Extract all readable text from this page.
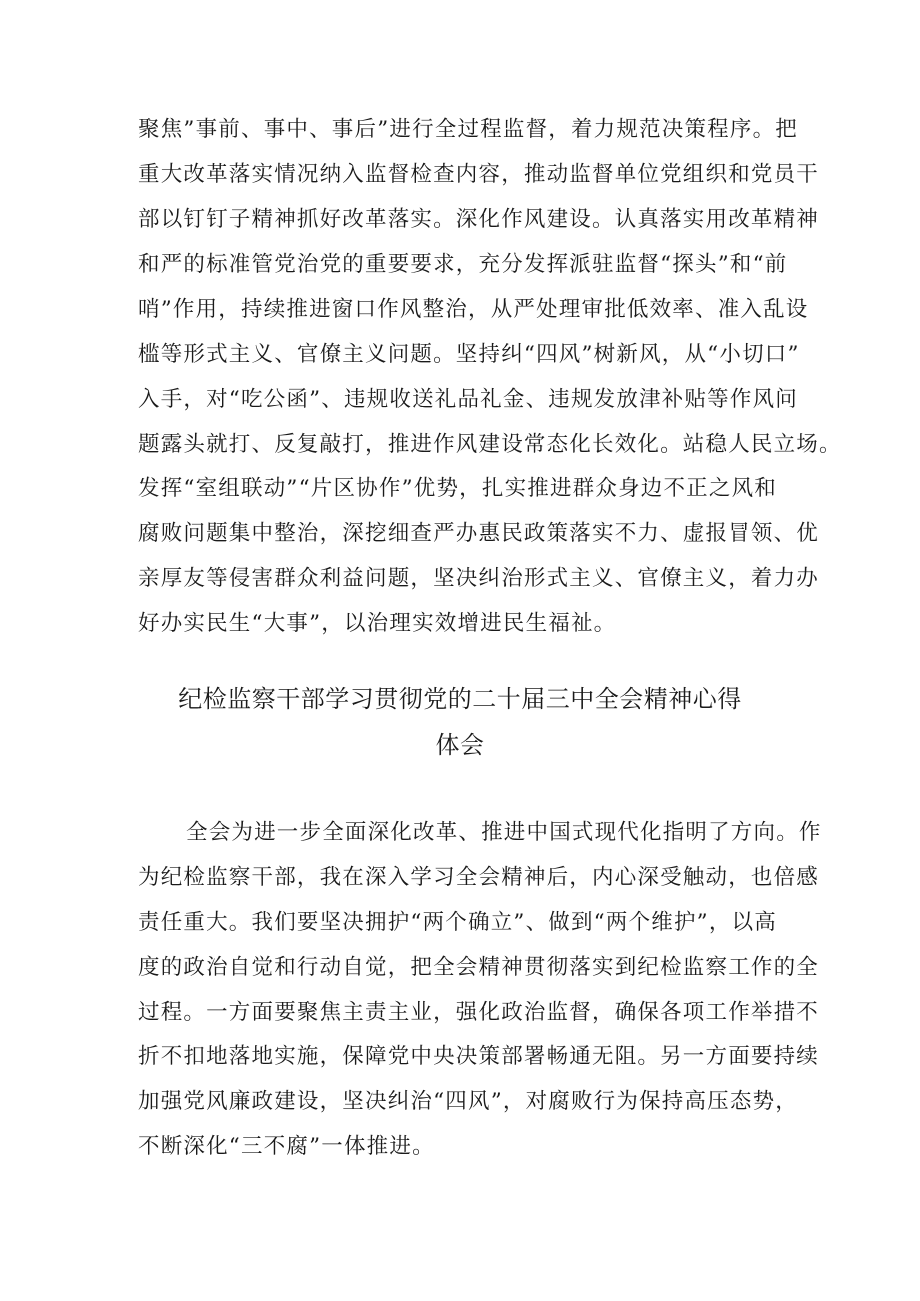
聚焦”事前、事中、事后”进行全过程监督，着力规范决策程序。把
重大改革落实情况纳入监督检查内容，推动监督单位党组织和党员干
部以钉钉子精神抓好改革落实。深化作风建设。认真落实用改革精神
和严的标准管党治党的重要要求，充分发挥派驻监督“探头”和“前
哨”作用，持续推进窗口作风整治，从严处理审批低效率、准入乱设
槛等形式主义、官僚主义问题。坚持纠“四风”树新风，从“小切口”
入手，对“吃公函”、违规收送礼品礼金、违规发放津补贴等作风问
题露头就打、反复敲打，推进作风建设常态化长效化。站稳人民立场。
发挥“室组联动”“片区协作”优势，扎实推进群众身边不正之风和
腐败问题集中整治，深挖细查严办惠民政策落实不力、虚报冒领、优
亲厚友等侵害群众利益问题，坚决纠治形式主义、官僚主义，着力办
好办实民生“大事”，以治理实效增进民生福祉。
纪检监察干部学习贯彻党的二十届三中全会精神心得
体会
全会为进一步全面深化改革、推进中国式现代化指明了方向。作
为纪检监察干部，我在深入学习全会精神后，内心深受触动，也倍感
责任重大。我们要坚决拥护“两个确立”、做到“两个维护”，以高
度的政治自觉和行动自觉，把全会精神贯彻落实到纪检监察工作的全
过程。一方面要聚焦主责主业，强化政治监督，确保各项工作举措不
折不扣地落地实施，保障党中央决策部署畅通无阻。另一方面要持续
加强党风廉政建设，坚决纠治“四风”，对腐败行为保持高压态势，
不断深化“三不腐”一体推进。
